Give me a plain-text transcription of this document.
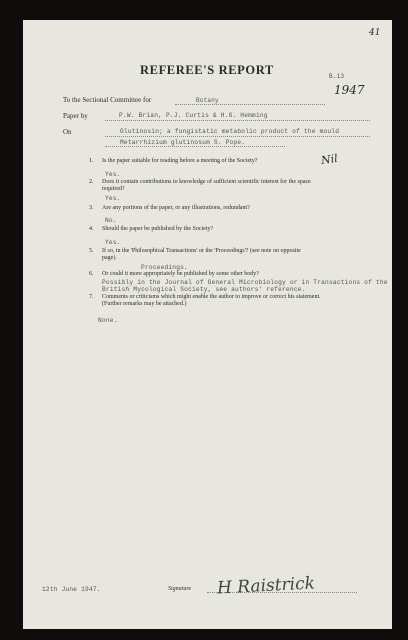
41
REFEREE'S REPORT	B.13
1947
To the Sectional Committee for	Botany
Paper by	P.W. Brian, P.J. Curtis & H.G. Hemming
On	Glutinosin; a fungistatic metabolic product of the mould
Metarrhizium glutinosum S. Pope.
Nil
1. Is the paper suitable for reading before a meeting of the Society?
Yes.
2. Does it contain contributions to knowledge of sufficient scientific interest for the space
required?
Yes.
3. Are any portions of the paper, or any illustrations, redundant?
No.
4. Should the paper be published by the Society?
Yes.
5. If so, in the 'Philosophical Transactions' or the 'Proceedings'? (see note on opposite
page).
Proceedings.
6. Or could it more appropriately be published by some other body?
Possibly in the Journal of General Microbiology or in Transactions of the
British Mycological Society, see authors' reference.
7. Comments or criticisms which might enable the author to improve or correct his statement.
(Further remarks may be attached.)
None.
12th June 1947.	Signature H Raistrick
